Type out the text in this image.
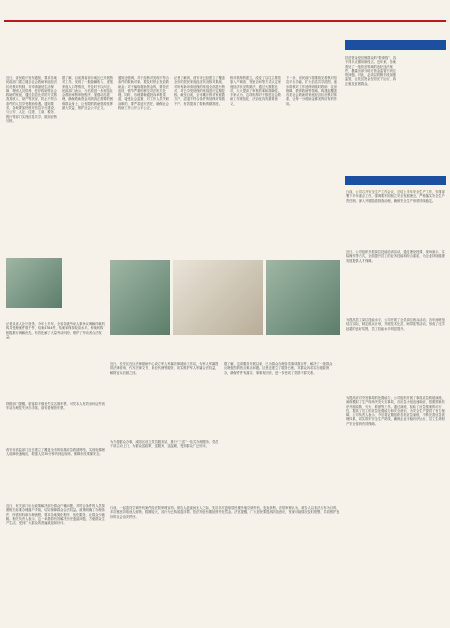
近日，省民政厅发布通知，要求各地民政部门建立健全社会救助家庭经济状况核对机制，对申请最低生活保障、特困人员供养、医疗救助等社会救助的家庭，通过信息比对的方式核查其收入、财产等状况，防止不符合条件的人员享受救助待遇。通知要求，各地要加快核对信息平台建设，与公安、人社、住建、工商、税务、银行等部门实现信息共享，做到应核尽核。
据了解，目前我省部分地区已开展核对工作，发现了一批隐瞒收入、虚报家庭人口等情况，并及时予以纠正。民政部门表示，今后将进一步规范社会救助审核审批程序，加强动态管理，确保救助资金用到真正需要的困难群众身上，让有限的救助资源发挥最大效益，维护社会公平正义。
通知还强调，对于经核对发现不符合条件的救助对象，要及时停止发放救助金；对于骗取救助资金的，要依法追回，情节严重的移交司法机关处理。同时，各地要畅通投诉举报渠道，接受社会监督，对工作人员失职渎职的，要严肃追究责任，确保社会救助工作公开公平公正。
记者了解到，西安市已经建立了覆盖全市的居民家庭经济状况核对系统，对所有新申请低保的家庭全部进行核对，对已享受低保的家庭进行定期复核。截至目前，全市累计核对家庭数万户，清退不符合条件的低保对象数千户，有效提高了救助的精准度。
核对机制的建立，改变了以往主要依靠入户调查、邻里访问等方式认定家庭经济状况的做法，通过大数据比对，大大提高了审核效率和准确性。专家认为，这项机制对于推进社会救助工作规范化、法治化具有重要意义。
下一步，省民政厅将继续完善核对信息平台功能，扩大信息共享范围，逐步将核对工作延伸到临时救助、住房保障、教育救助等领域，构建起覆盖各类社会救助的家庭经济状况核对体系，让每一分救助金都发挥应有的作用。
扶贫资金是贫困群众的“救命钱”，容不得半点挪用和侵占。近年来，各地查处了一批扶贫领域的违纪违法案件，暴露出部分地方资金监管不到位的问题。对此，必须以铁腕手段加强监管，让扶贫资金在阳光下运行，真正惠及贫困群众。
日前，公司召开安全生产工作会议，总结上半年安全生产工作，安排部署下半年重点工作，强调要牢固树立安全发展理念，严格落实安全生产责任制，深入开展隐患排查治理，确保安全生产形势持续稳定。
近日，公司组织开展岗位技能培训活动，通过理论授课、现场演示、实际操作等方式，全面提升员工的业务技能和综合素质，为企业持续健康发展提供人才保障。
为提高员工岗位技能水平，公司开展了全员岗位练兵活动，各车间班组结合实际，制定练兵计划，开展技术比武、师带徒等活动，形成了比学赶超的良好氛围，员工技能水平明显提升。
为提高应对突发事故的处置能力，公司组织开展了事故应急救援演练。演练模拟了生产现场突发火灾事故，各应急小组迅速响应，按照预案有序开展疏散、灭火、救援等工作。通过演练，检验了应急预案的可行性，提高了员工的应急处置能力和安全意识，为安全生产提供了有力保障。公司负责人表示，今后将定期组织各类应急演练，不断完善应急管理体系，切实筑牢安全生产防线，确保企业平稳有序运行，员工生命财产安全得到有效保障。
记者从省人社厅获悉，今年上半年，全省各级劳动人事争议调解仲裁机构共受理案件数千件，结案4784件，结案率保持较高水平。仲裁机构积极推行调解优先，有效化解了大量劳动纠纷，维护了劳动者合法权益。
铁路部门提醒，旅客如不慎丢失实名制车票，可凭本人有效身份证件到车站办理挂失补办手续，请妥善保管车票。
西安市质监部门近日建立了覆盖全市的电梯应急救援网络，实现电梯困人故障快速响应，救援人员30分钟内到达现场，保障市民乘梯安全。
近日，有关部门出台政策解决部分群众户籍问题，对符合条件的人员按照相关标准办理落户手续，切实保障群众合法权益。政策明确了办理条件、所需材料和办理流程，要求各地简化程序、优化服务，让群众少跑腿。相关负责人表示，这一举措将有效解决历史遗留问题，方便群众生产生活，受到广大群众的普遍欢迎和好评。
近日，长安区在区法律援助中心设立军人军属法律援助工作站，为军人军属提供法律咨询、代写法律文书、诉讼代理等服务，切实维护军人军属合法权益，解除官兵后顾之忧。
为方便群众办事，咸阳区设立党员服务站，推行“三送”一站式办理服务，党员干部主动上门，为群众送政策、送服务、送温暖，受到群众广泛好评。
据了解，这项服务开展以来，已为群众办理各类事项数百件，解决了一批群众反映强烈的热点难点问题。区里还建立了服务台账，对群众诉求实行跟踪督办，确保件件有落实、事事有回音，进一步密切了党群干群关系。
日前，一起盗窃空调外机案件经法院审理宣判。被告人趁夜间无人之际，先后多次盗取居民楼外墙空调外机，变卖获利。法院审理认为，被告人以非法占有为目的，多次秘密窃取他人财物，数额较大，其行为已构成盗窃罪，依法判处有期徒刑并处罚金。法官提醒，广大居民要提高防范意识，发现可疑情况及时报警，共同维护良好的社会治安秩序。
